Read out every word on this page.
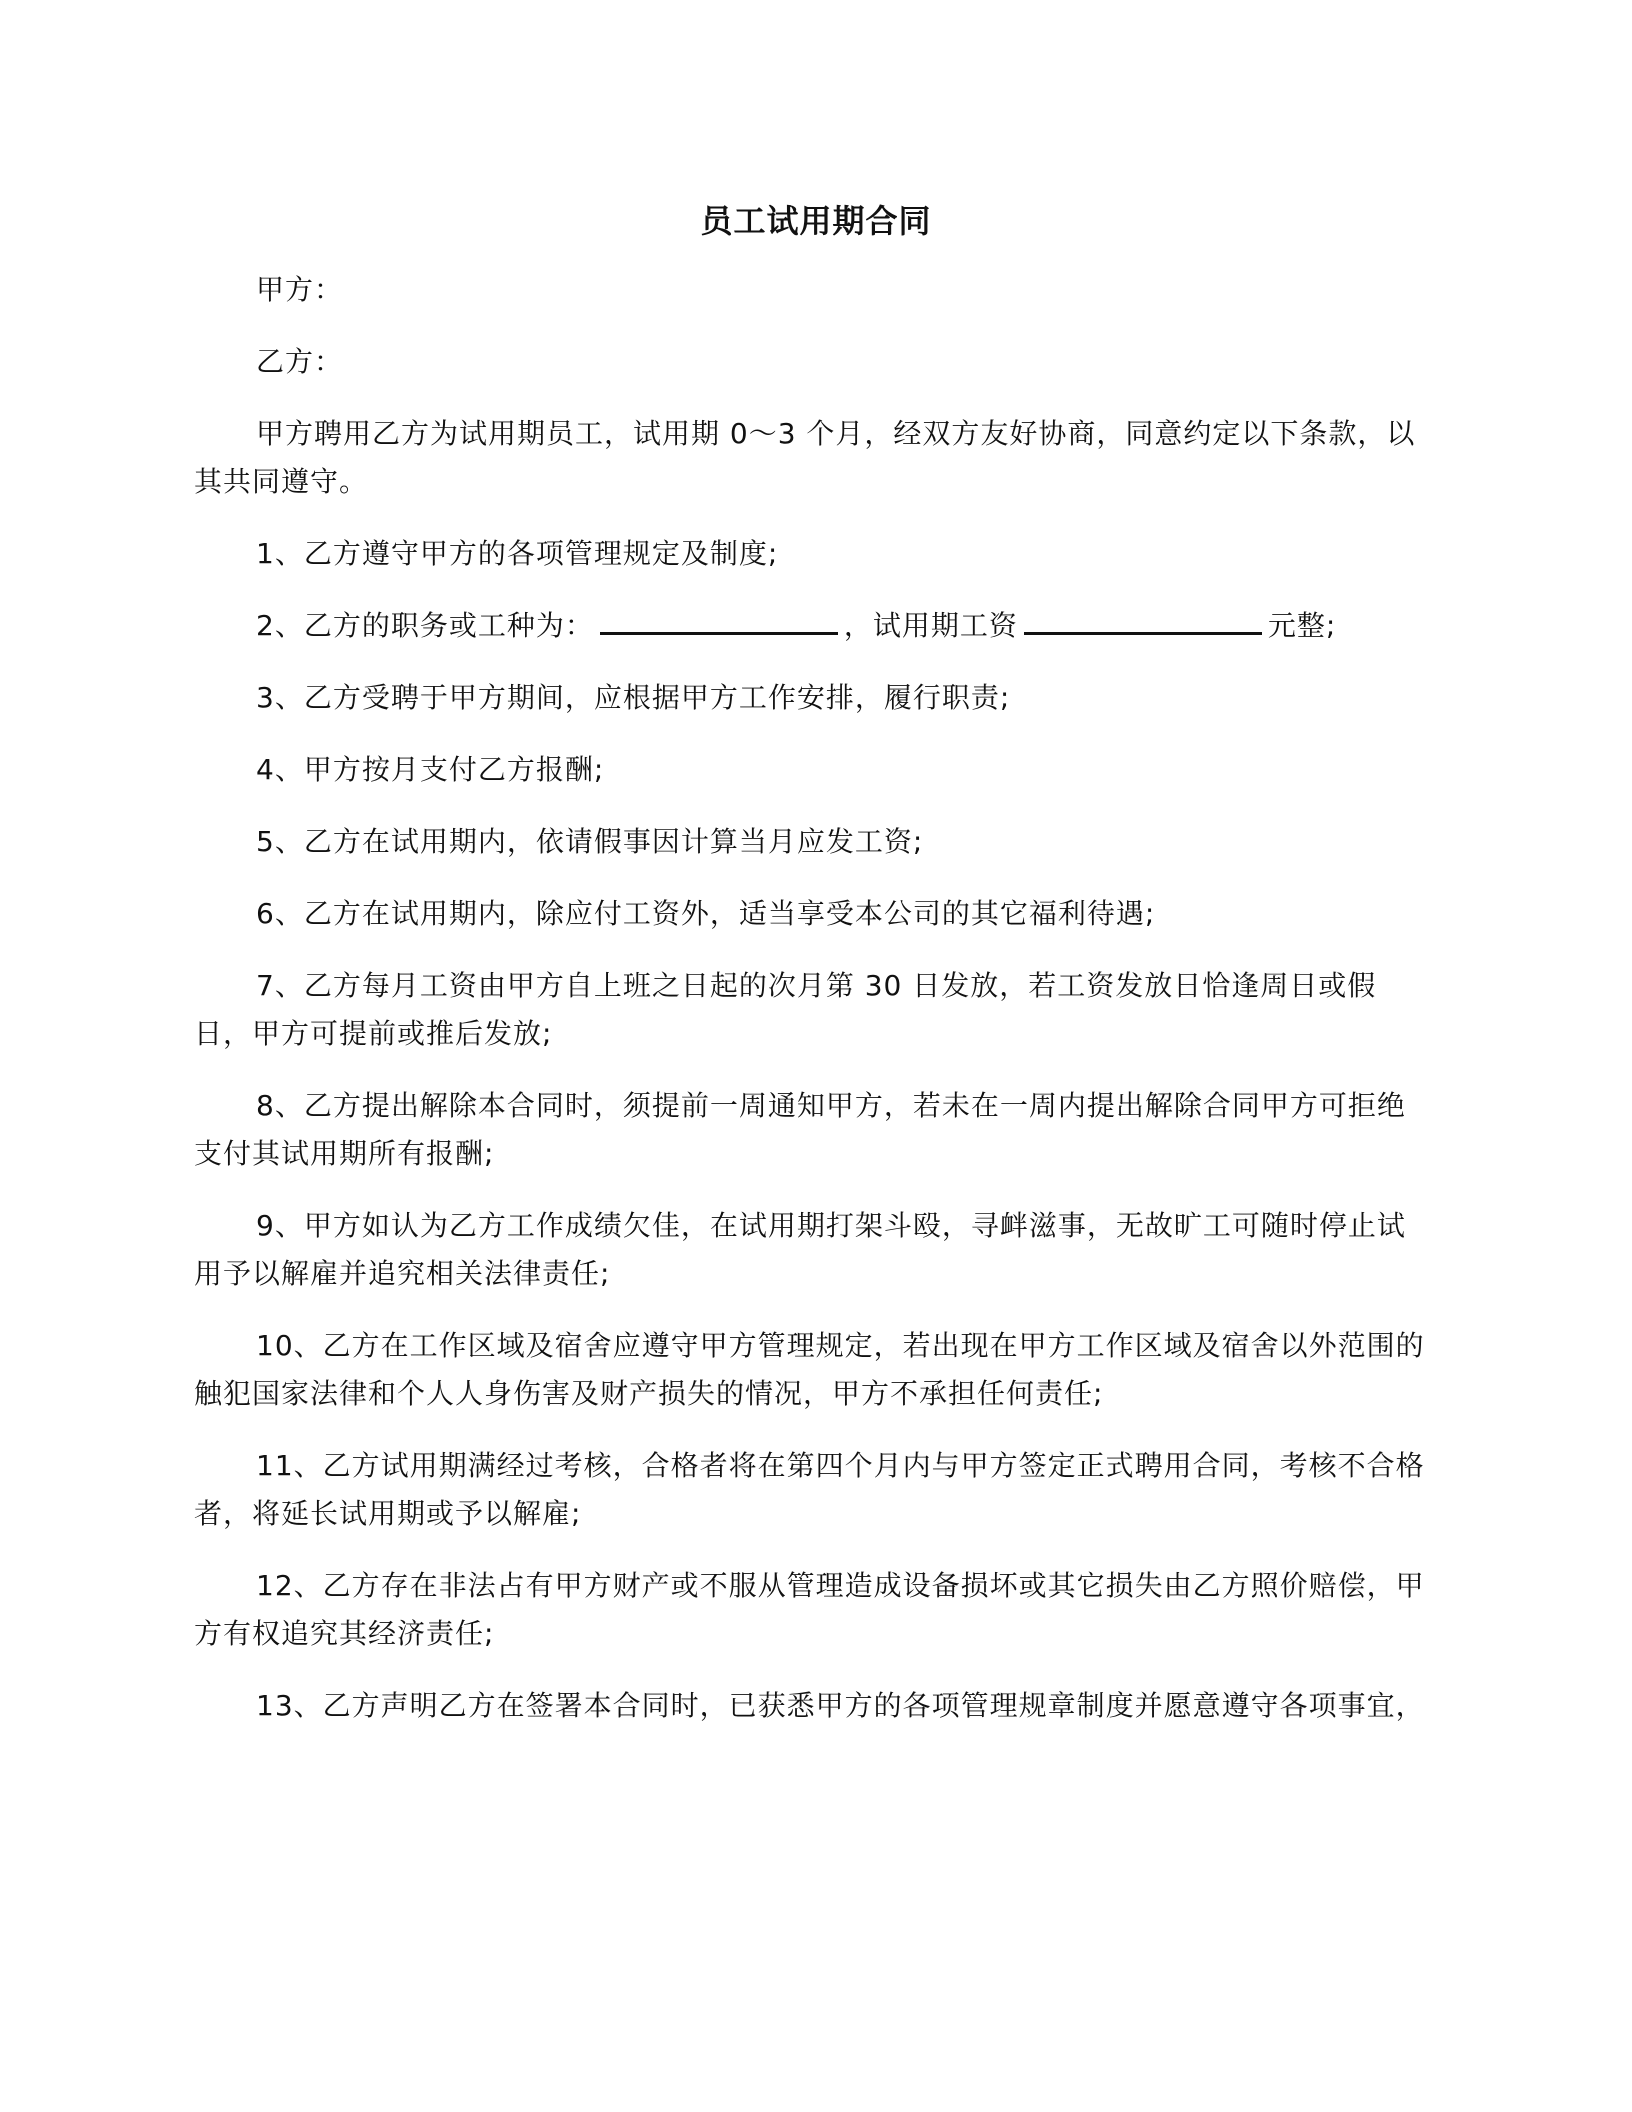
员工试用期合同
甲方：
乙方：
甲方聘用乙方为试用期员工，试用期 0～3 个月，经双方友好协商，同意约定以下条款，以其共同遵守。
1、乙方遵守甲方的各项管理规定及制度;
2、乙方的职务或工种为：	，试用期工资	元整;
3、乙方受聘于甲方期间，应根据甲方工作安排，履行职责;
4、甲方按月支付乙方报酬;
5、乙方在试用期内，依请假事因计算当月应发工资;
6、乙方在试用期内，除应付工资外，适当享受本公司的其它福利待遇;
7、乙方每月工资由甲方自上班之日起的次月第 30 日发放，若工资发放日恰逢周日或假日，甲方可提前或推后发放;
8、乙方提出解除本合同时，须提前一周通知甲方，若未在一周内提出解除合同甲方可拒绝支付其试用期所有报酬;
9、甲方如认为乙方工作成绩欠佳，在试用期打架斗殴，寻衅滋事，无故旷工可随时停止试用予以解雇并追究相关法律责任;
10、乙方在工作区域及宿舍应遵守甲方管理规定，若出现在甲方工作区域及宿舍以外范围的触犯国家法律和个人人身伤害及财产损失的情况，甲方不承担任何责任;
11、乙方试用期满经过考核，合格者将在第四个月内与甲方签定正式聘用合同，考核不合格者，将延长试用期或予以解雇;
12、乙方存在非法占有甲方财产或不服从管理造成设备损坏或其它损失由乙方照价赔偿，甲方有权追究其经济责任;
13、乙方声明乙方在签署本合同时，已获悉甲方的各项管理规章制度并愿意遵守各项事宜，
